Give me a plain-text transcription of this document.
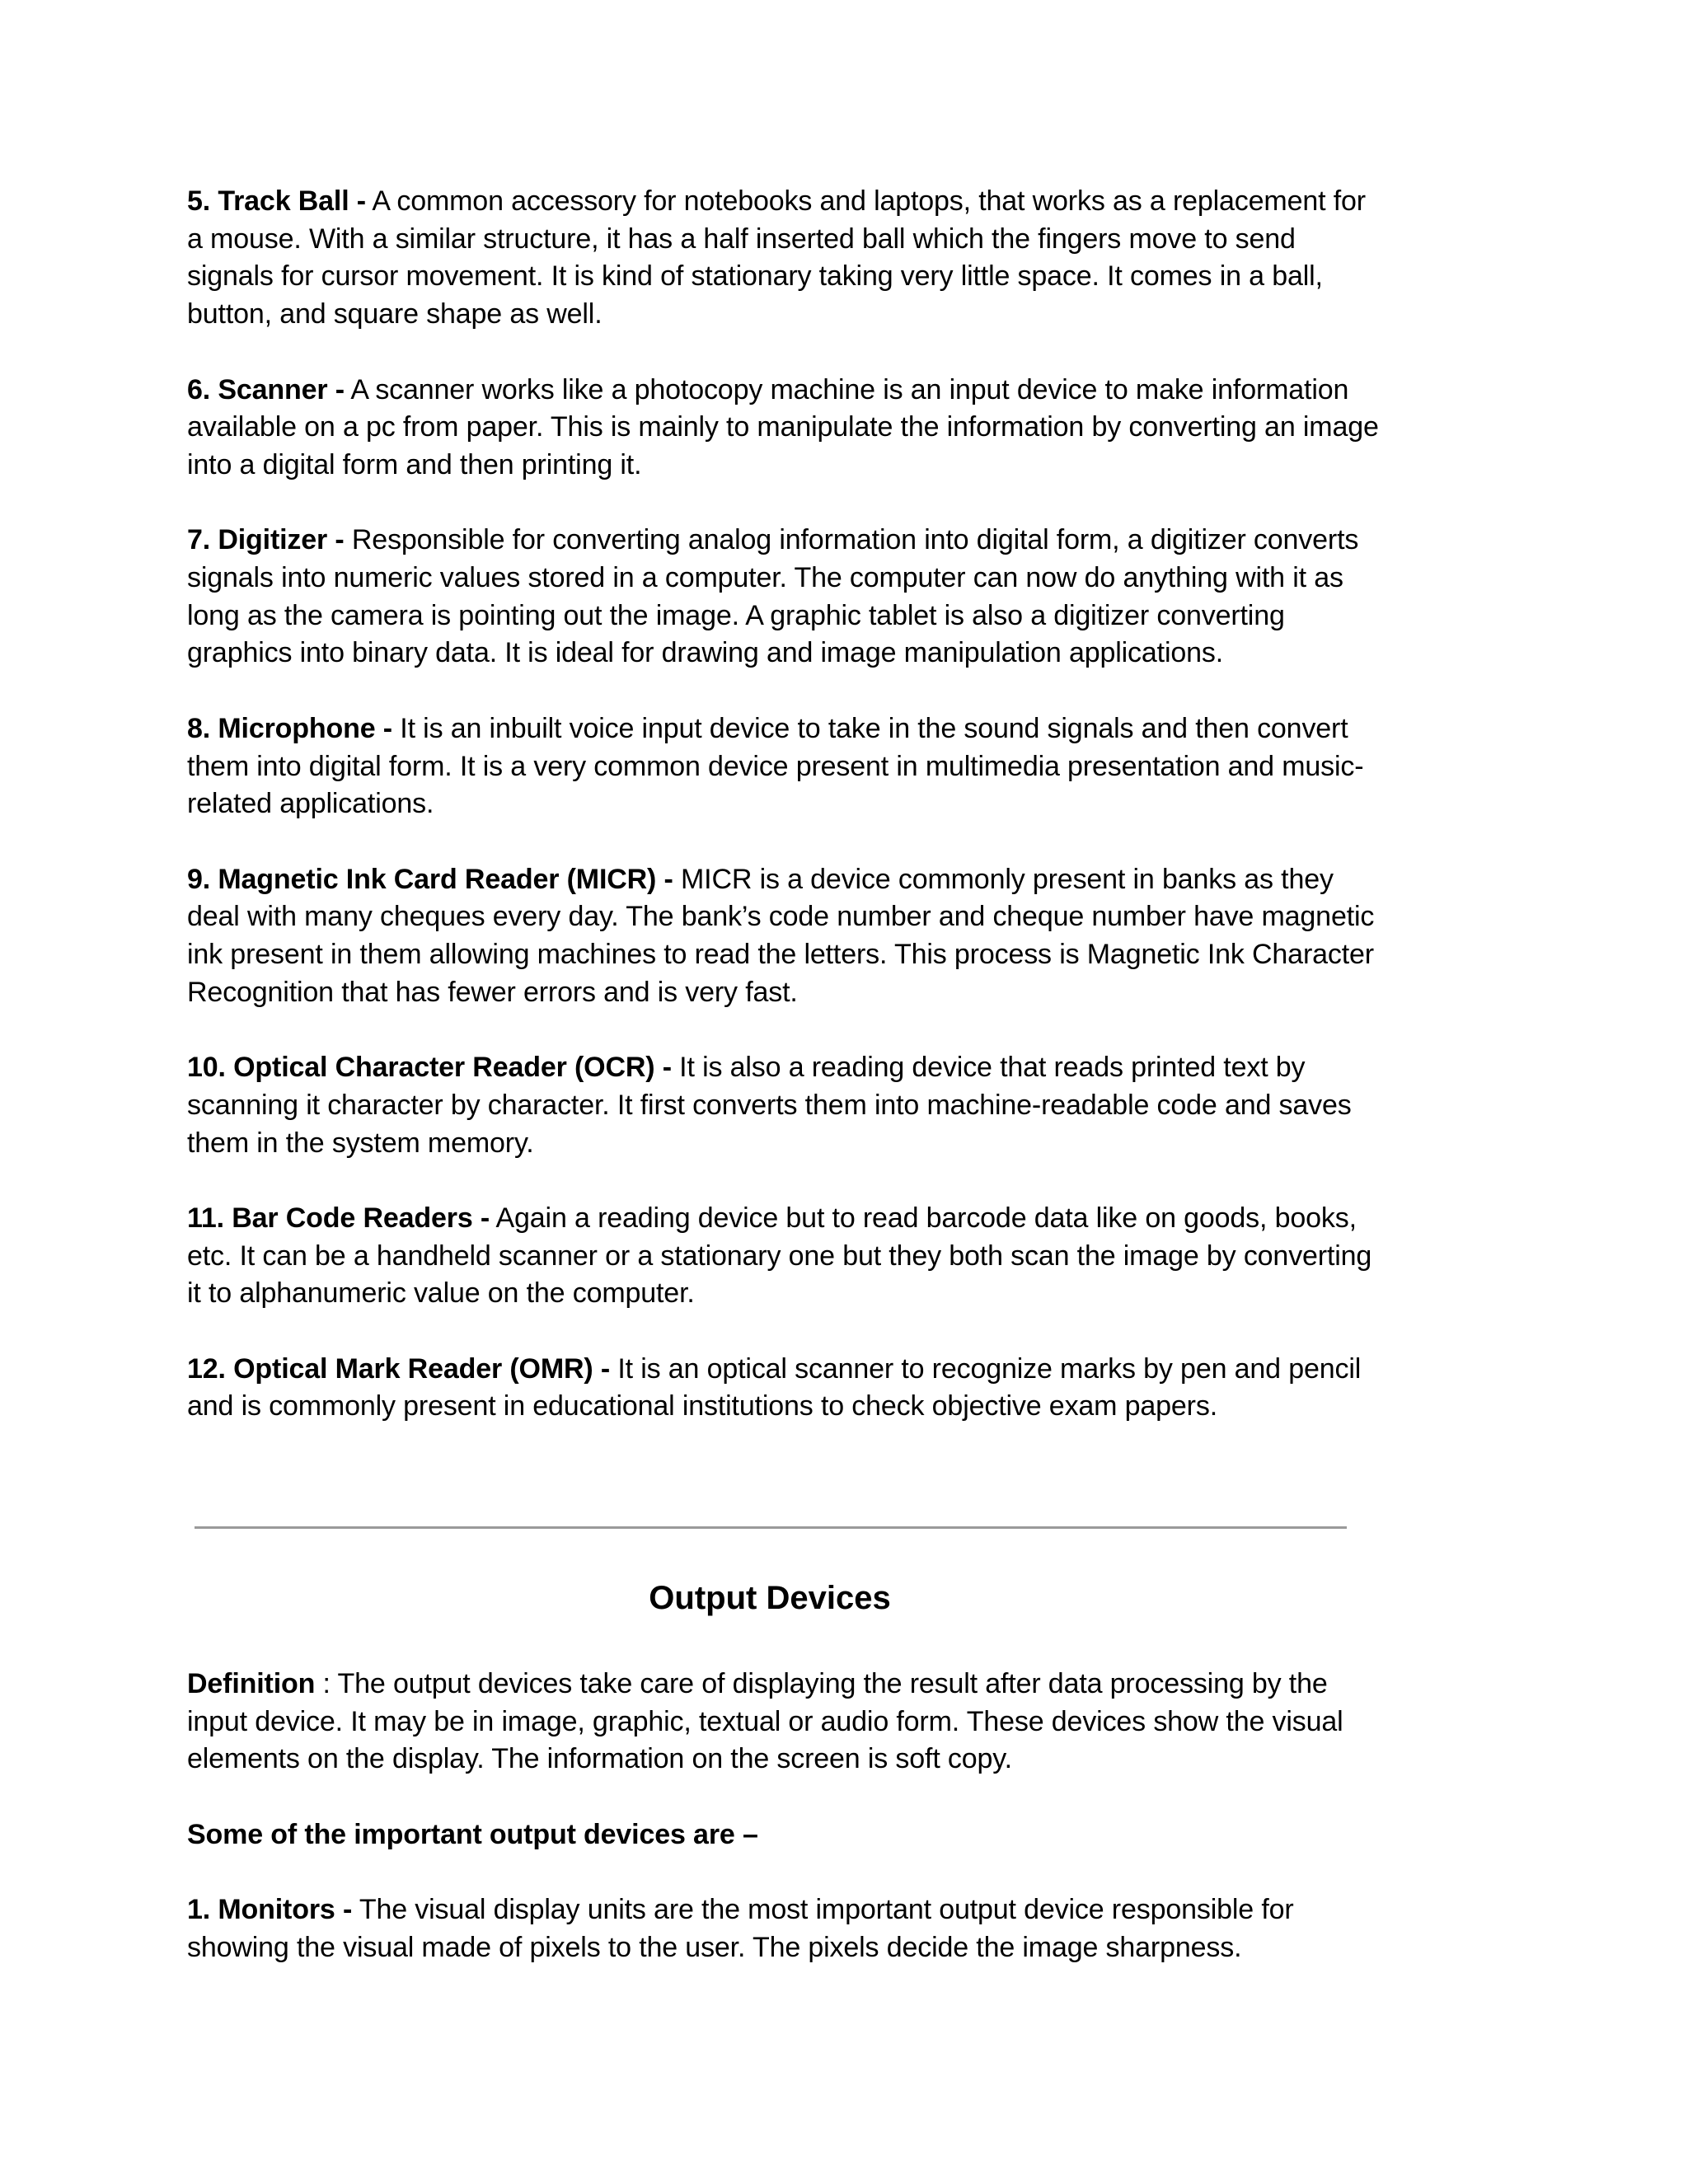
5. Track Ball - A common accessory for notebooks and laptops, that works as a replacement for a mouse. With a similar structure, it has a half inserted ball which the fingers move to send signals for cursor movement. It is kind of stationary taking very little space. It comes in a ball, button, and square shape as well.

6. Scanner - A scanner works like a photocopy machine is an input device to make information available on a pc from paper. This is mainly to manipulate the information by converting an image into a digital form and then printing it.

7. Digitizer - Responsible for converting analog information into digital form, a digitizer converts signals into numeric values stored in a computer. The computer can now do anything with it as long as the camera is pointing out the image. A graphic tablet is also a digitizer converting graphics into binary data. It is ideal for drawing and image manipulation applications.

8. Microphone - It is an inbuilt voice input device to take in the sound signals and then convert them into digital form. It is a very common device present in multimedia presentation and music-related applications.

9. Magnetic Ink Card Reader (MICR) - MICR is a device commonly present in banks as they deal with many cheques every day. The bank’s code number and cheque number have magnetic ink present in them allowing machines to read the letters. This process is Magnetic Ink Character Recognition that has fewer errors and is very fast.

10. Optical Character Reader (OCR) - It is also a reading device that reads printed text by scanning it character by character. It first converts them into machine-readable code and saves them in the system memory.

11. Bar Code Readers - Again a reading device but to read barcode data like on goods, books, etc. It can be a handheld scanner or a stationary one but they both scan the image by converting it to alphanumeric value on the computer.

12. Optical Mark Reader (OMR) - It is an optical scanner to recognize marks by pen and pencil and is commonly present in educational institutions to check objective exam papers.

Output Devices

Definition : The output devices take care of displaying the result after data processing by the input device. It may be in image, graphic, textual or audio form. These devices show the visual elements on the display. The information on the screen is soft copy.

Some of the important output devices are –

1. Monitors - The visual display units are the most important output device responsible for showing the visual made of pixels to the user. The pixels decide the image sharpness.
